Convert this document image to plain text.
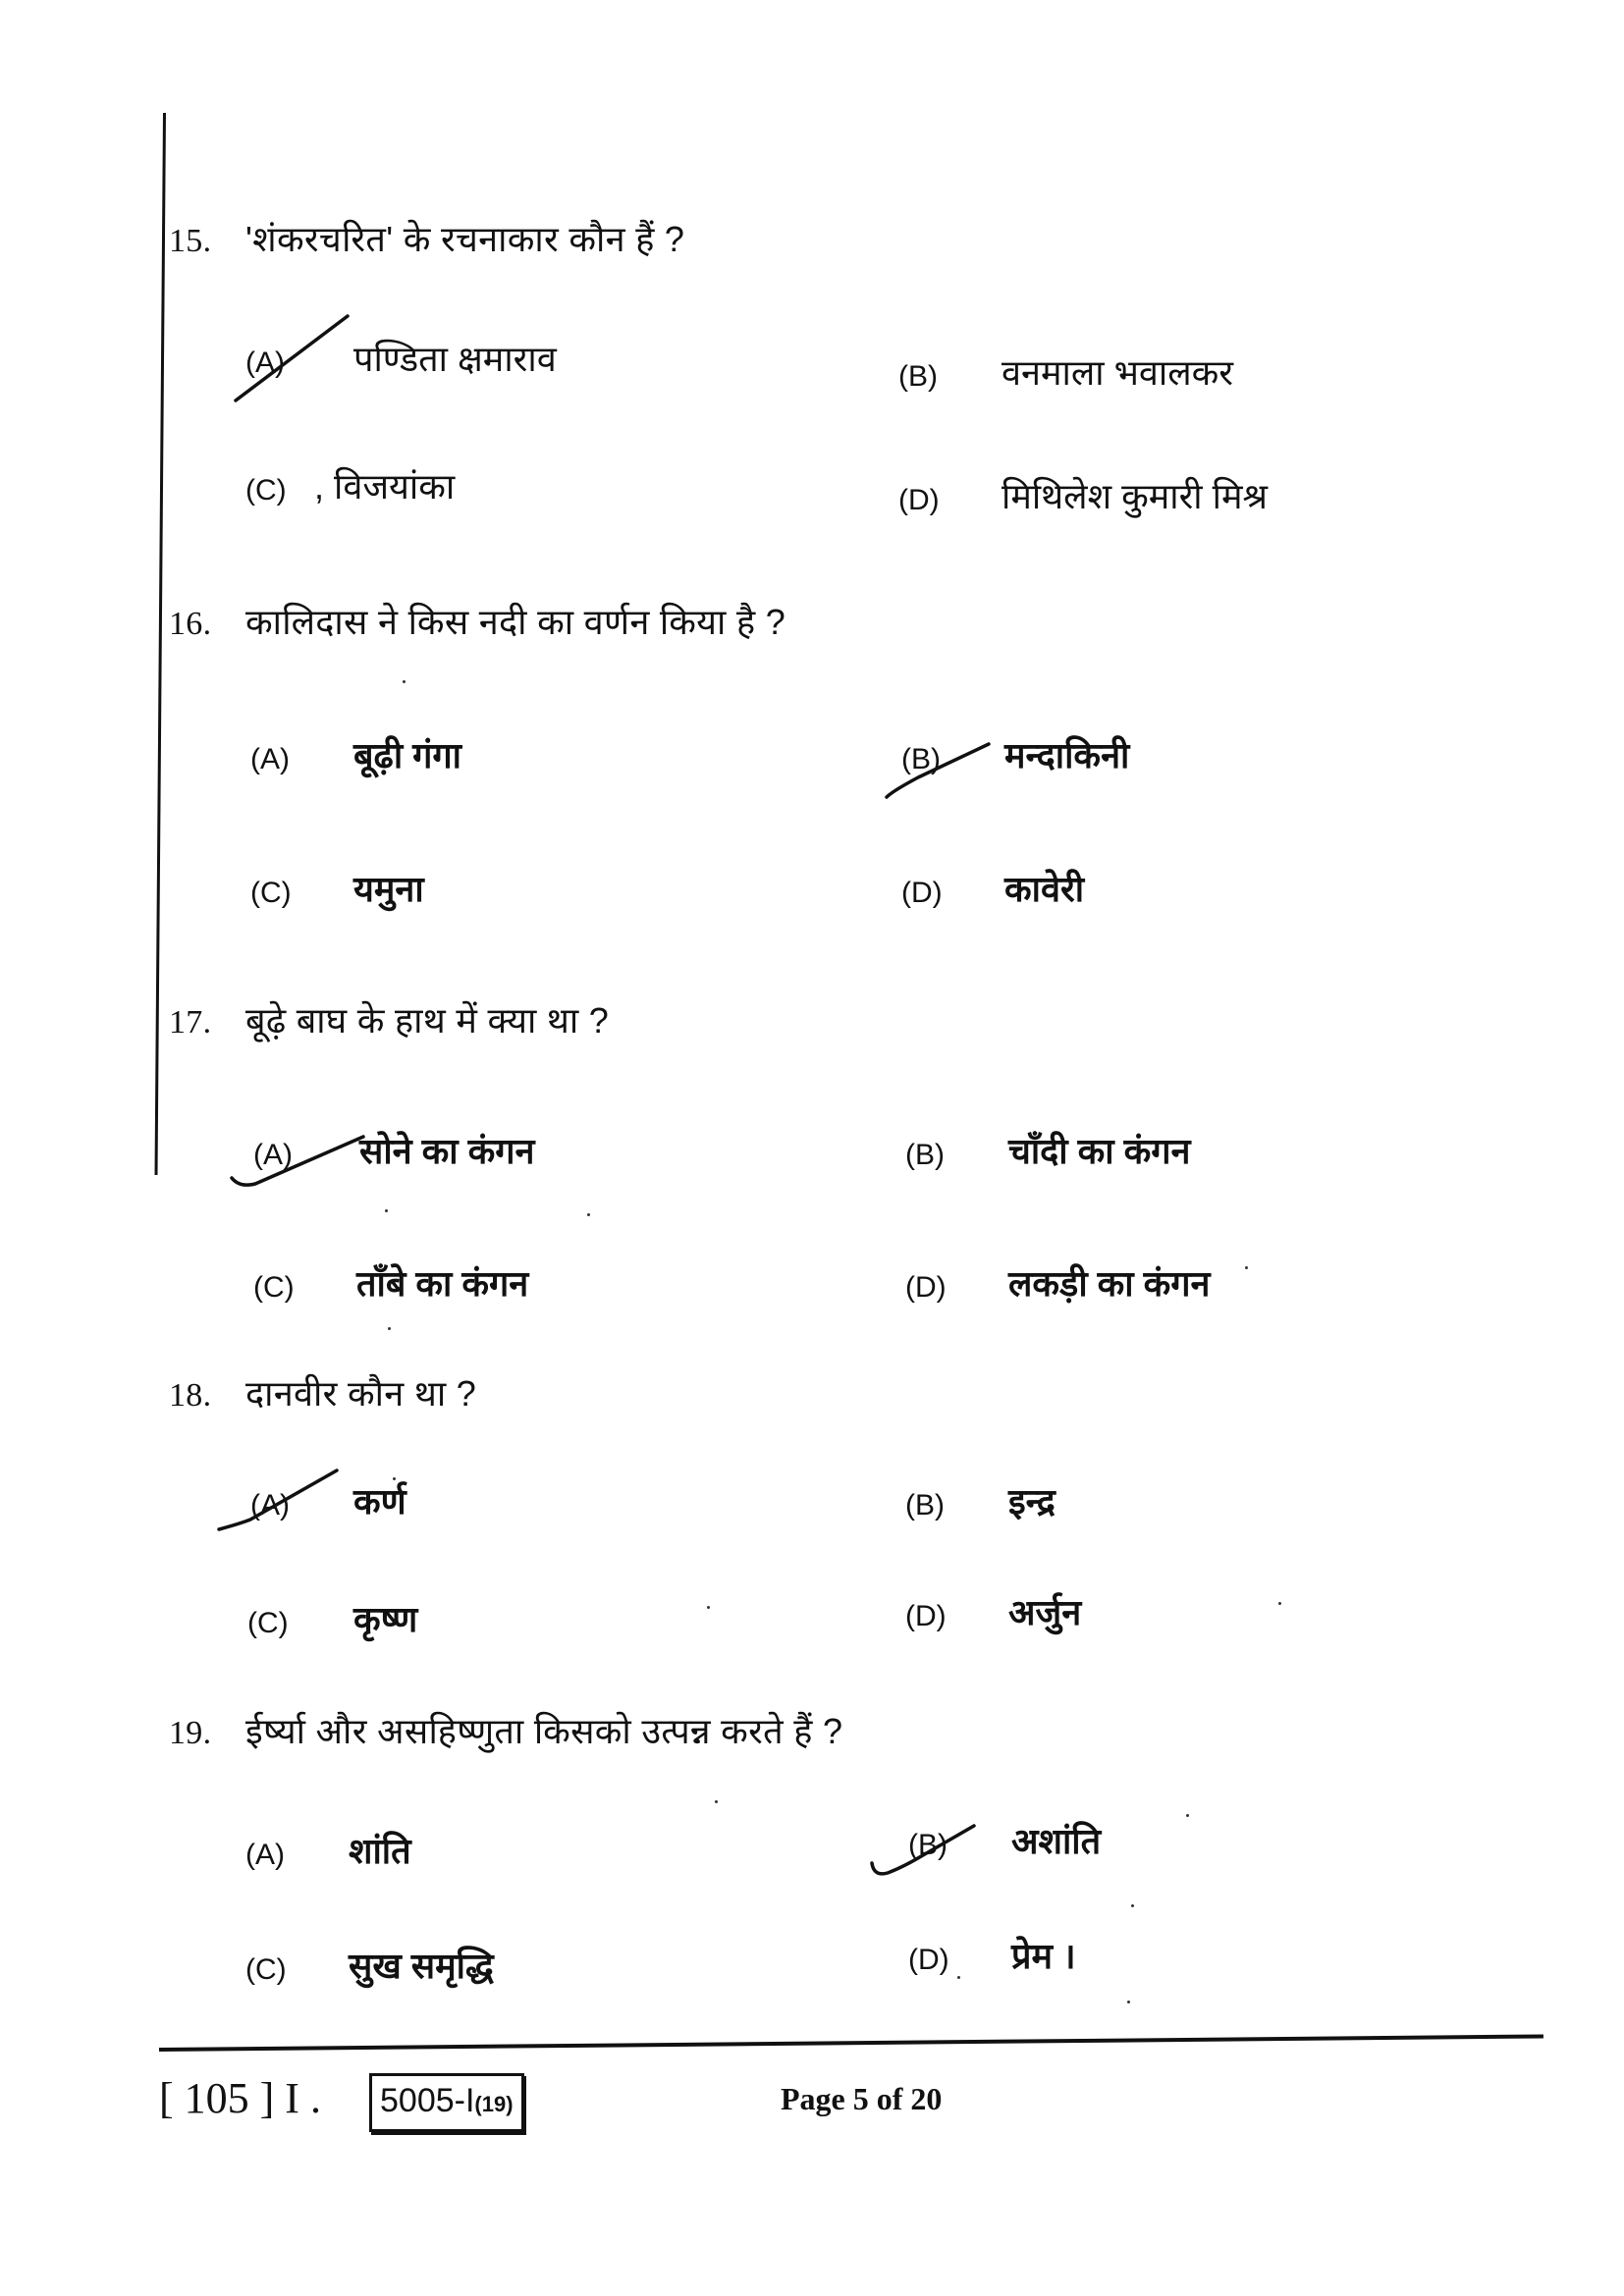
15. 'शंकरचरित' के रचनाकार कौन हैं ?
(A) पण्डिता क्षमाराव	(B) वनमाला भवालकर
(C) , विजयांका	(D) मिथिलेश कुमारी मिश्र
16. कालिदास ने किस नदी का वर्णन किया है ?
(A) बूढ़ी गंगा	(B) मन्दाकिनी
(C) यमुना	(D) कावेरी
17. बूढ़े बाघ के हाथ में क्या था ?
(A) सोने का कंगन	(B) चाँदी का कंगन
(C) ताँबे का कंगन	(D) लकड़ी का कंगन
18. दानवीर कौन था ?
(A) कर्ण	(B) इन्द्र
(C) कृष्ण	(D) अर्जुन
19. ईर्ष्या और असहिष्णुता किसको उत्पन्न करते हैं ?
(A) शांति	(B) अशांति
(C) सुख समृद्धि	(D) प्रेम ।
[ 105 ] I .	5005-I(19)	Page 5 of 20
